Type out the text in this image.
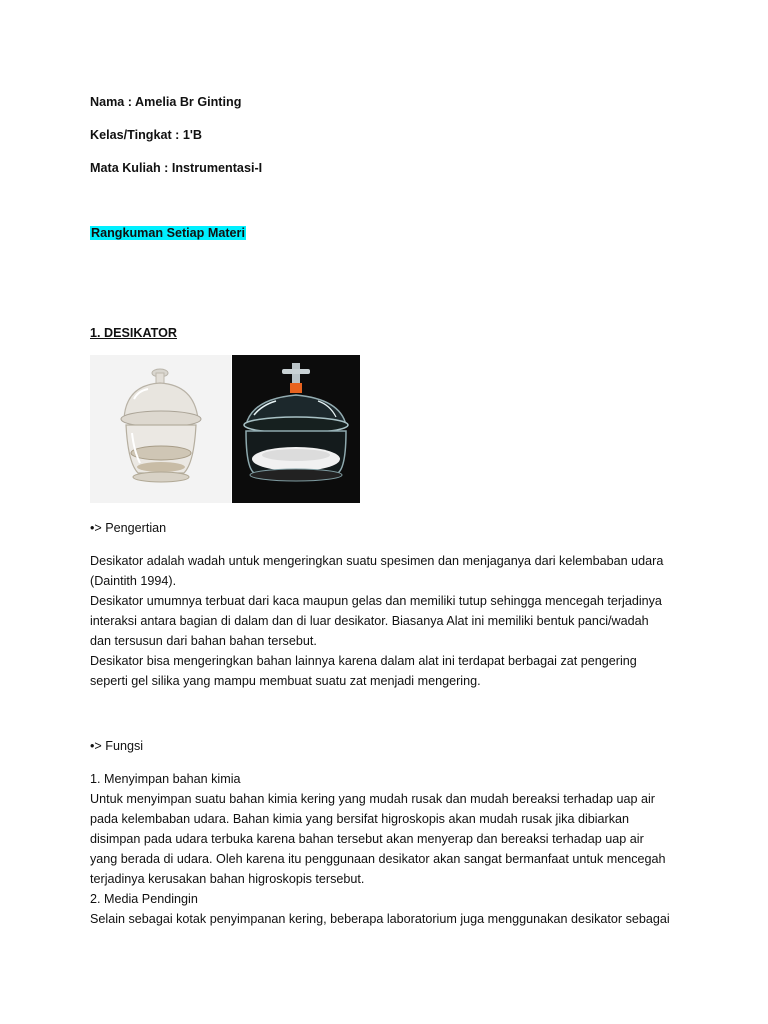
Nama : Amelia Br Ginting
Kelas/Tingkat : 1'B
Mata Kuliah : Instrumentasi-I
Rangkuman Setiap Materi
1. DESIKATOR
•> Pengertian
Desikator adalah wadah untuk mengeringkan suatu spesimen dan menjaganya dari kelembaban udara
(Daintith 1994).
Desikator umumnya terbuat dari kaca maupun gelas dan memiliki tutup sehingga mencegah terjadinya
interaksi antara bagian di dalam dan di luar desikator. Biasanya Alat ini memiliki bentuk panci/wadah
dan tersusun dari bahan bahan tersebut.
Desikator bisa mengeringkan bahan lainnya karena dalam alat ini terdapat berbagai zat pengering
seperti gel silika yang mampu membuat suatu zat menjadi mengering.
•> Fungsi
1. Menyimpan bahan kimia
Untuk menyimpan suatu bahan kimia kering yang mudah rusak dan mudah bereaksi terhadap uap air
pada kelembaban udara. Bahan kimia yang bersifat higroskopis akan mudah rusak jika dibiarkan
disimpan pada udara terbuka karena bahan tersebut akan menyerap dan bereaksi terhadap uap air
yang berada di udara. Oleh karena itu penggunaan desikator akan sangat bermanfaat untuk mencegah
terjadinya kerusakan bahan higroskopis tersebut.
2. Media Pendingin
Selain sebagai kotak penyimpanan kering, beberapa laboratorium juga menggunakan desikator sebagai
